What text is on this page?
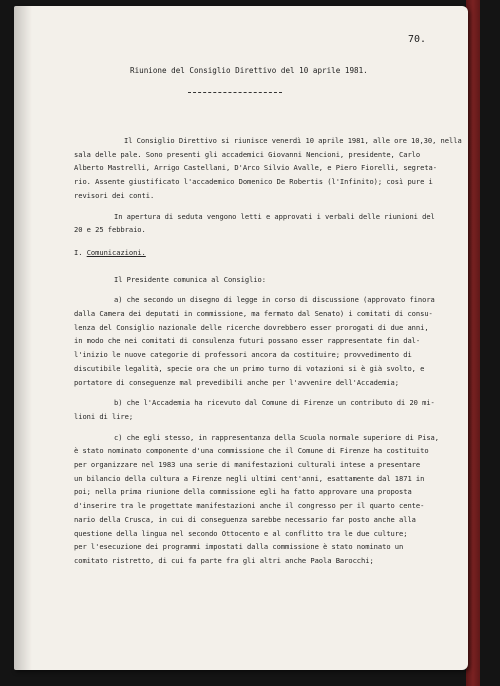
70.
Riunione del Consiglio Direttivo del 10 aprile 1981.
Il Consiglio Direttivo si riunisce venerdì 10 aprile 1981, alle ore 10,30, nella
sala delle pale. Sono presenti gli accademici Giovanni Nencioni, presidente, Carlo
Alberto Mastrelli, Arrigo Castellani, D'Arco Silvio Avalle, e Piero Fiorelli, segreta-
rio. Assente giustificato l'accademico Domenico De Robertis (l'Infinito); così pure i
revisori dei conti.
In apertura di seduta vengono letti e approvati i verbali delle riunioni del
20 e 25 febbraio.
I. Comunicazioni.
Il Presidente comunica al Consiglio:
a) che secondo un disegno di legge in corso di discussione (approvato finora
dalla Camera dei deputati in commissione, ma fermato dal Senato) i comitati di consu-
lenza del Consiglio nazionale delle ricerche dovrebbero esser prorogati di due anni,
in modo che nei comitati di consulenza futuri possano esser rappresentate fin dal-
l'inizio le nuove categorie di professori ancora da costituire; provvedimento di
discutibile legalità, specie ora che un primo turno di votazioni si è già svolto, e
portatore di conseguenze mal prevedibili anche per l'avvenire dell'Accademia;
b) che l'Accademia ha ricevuto dal Comune di Firenze un contributo di 20 mi-
lioni di lire;
c) che egli stesso, in rappresentanza della Scuola normale superiore di Pisa,
è stato nominato componente d'una commissione che il Comune di Firenze ha costituito
per organizzare nel 1983 una serie di manifestazioni culturali intese a presentare
un bilancio della cultura a Firenze negli ultimi cent'anni, esattamente dal 1871 in
poi; nella prima riunione della commissione egli ha fatto approvare una proposta
d'inserire tra le progettate manifestazioni anche il congresso per il quarto cente-
nario della Crusca, in cui di conseguenza sarebbe necessario far posto anche alla
questione della lingua nel secondo Ottocento e al conflitto tra le due culture;
per l'esecuzione dei programmi impostati dalla commissione è stato nominato un
comitato ristretto, di cui fa parte fra gli altri anche Paola Barocchi;
